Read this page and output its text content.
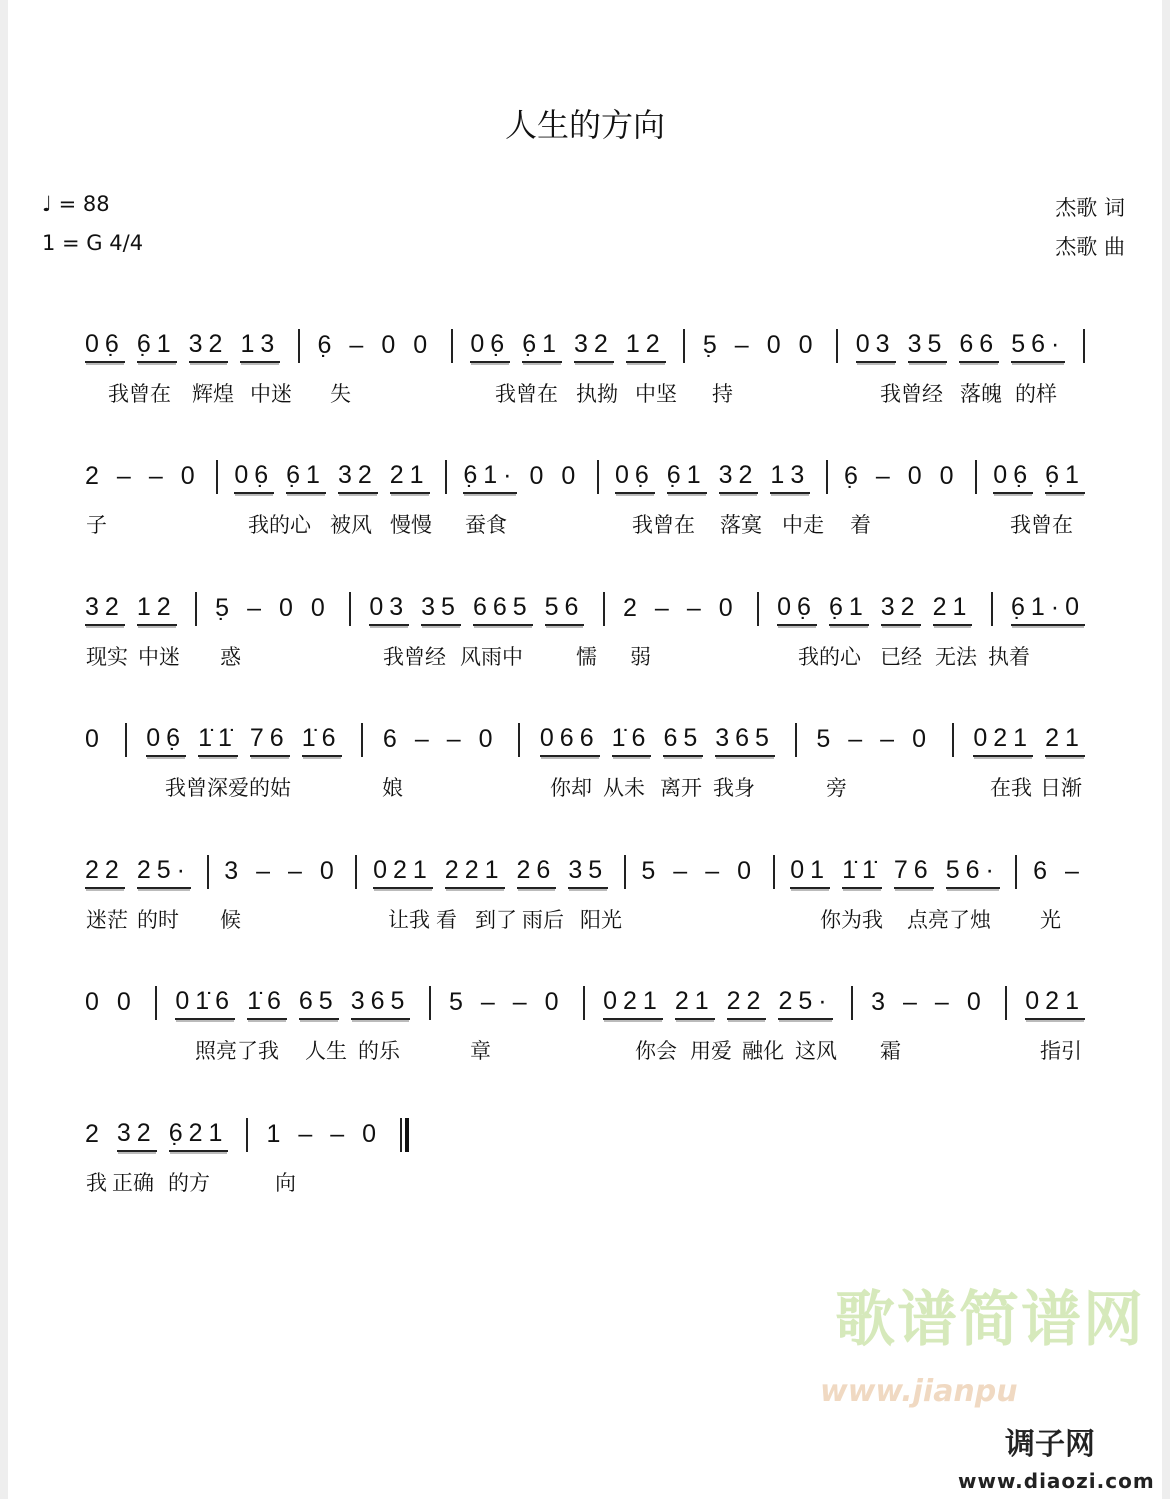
人生的方向
♩ = 88
1 = G 4/4
杰歌 词
杰歌 曲
06̣ 6̣1 32 13 6̣ – 0 0 06̣ 6̣1 32 12 5̣ – 0 0 03 35 66 56·
我曾在 辉煌 中迷 失	我曾在 执拗 中坚 持	我曾经 落魄 的样
2 – – 0 06̣ 6̣1 32 21 6̣1· 0 0 06̣ 6̣1 32 13 6̣ – 0 0 06̣ 6̣1
子	我的心 被风 慢慢 蚕食	我曾在 落寞 中走 着	我曾在
32 12 5̣ – 0 0 03 35 665 56 2 – – 0 06̣ 6̣1 32 21 6̣1·0
现实 中迷 惑	我曾经 风雨中	懦 弱	我的心 已经 无法 执着
0 06̣ 1̇1̇ 76 1̇6 6 – – 0 066 1̇6 65 365 5 – – 0 021 21
我曾深爱的姑	娘	你却 从未 离开 我身	旁	在我 日渐
22 25· 3 – – 0 021 221 26 35 5 – – 0 01 1̇1̇ 76 56· 6 –
迷茫 的时 候	让我 看 到了 雨后 阳光	你为我 点亮了烛 光
0 0 01̇6 1̇6 65 365 5 – – 0 021 21 22 25· 3 – – 0 021
照亮了我 人生 的乐	章	你会 用爱 融化 这风 霜	指引
2 32 6̣21 1 – – 0
我 正确 的方	向
歌谱简谱网
www.jianpu
调子网
www.diaozi.com
